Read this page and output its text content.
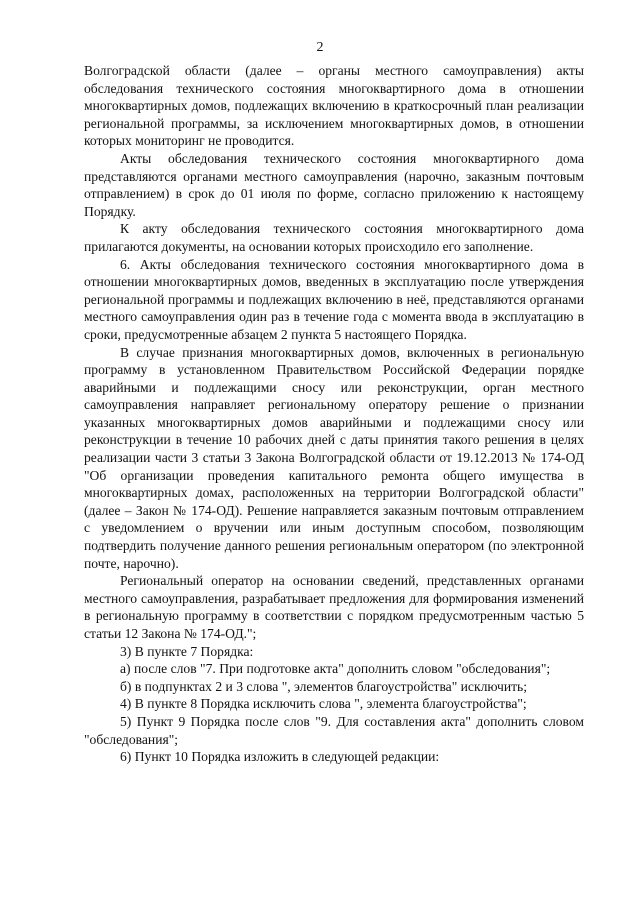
2

Волгоградской области (далее – органы местного самоуправления) акты обследования технического состояния многоквартирного дома в отношении многоквартирных домов, подлежащих включению в краткосрочный план реализации региональной программы, за исключением многоквартирных домов, в отношении которых мониторинг не проводится.

Акты обследования технического состояния многоквартирного дома представляются органами местного самоуправления (нарочно, заказным почтовым отправлением) в срок до 01 июля по форме, согласно приложению к настоящему Порядку.

К акту обследования технического состояния многоквартирного дома прилагаются документы, на основании которых происходило его заполнение.

6. Акты обследования технического состояния многоквартирного дома в отношении многоквартирных домов, введенных в эксплуатацию после утверждения региональной программы и подлежащих включению в неё, представляются органами местного самоуправления один раз в течение года с момента ввода в эксплуатацию в сроки, предусмотренные абзацем 2 пункта 5 настоящего Порядка.

В случае признания многоквартирных домов, включенных в региональную программу в установленном Правительством Российской Федерации порядке аварийными и подлежащими сносу или реконструкции, орган местного самоуправления направляет региональному оператору решение о признании указанных многоквартирных домов аварийными и подлежащими сносу или реконструкции в течение 10 рабочих дней с даты принятия такого решения в целях реализации части 3 статьи 3 Закона Волгоградской области от 19.12.2013 № 174-ОД "Об организации проведения капитального ремонта общего имущества в многоквартирных домах, расположенных на территории Волгоградской области" (далее – Закон № 174-ОД). Решение направляется заказным почтовым отправлением с уведомлением о вручении или иным доступным способом, позволяющим подтвердить получение данного решения региональным оператором (по электронной почте, нарочно).

Региональный оператор на основании сведений, представленных органами местного самоуправления, разрабатывает предложения для формирования изменений в региональную программу в соответствии с порядком предусмотренным частью 5 статьи 12 Закона № 174-ОД.";

3) В пункте 7 Порядка:

а) после слов "7. При подготовке акта" дополнить словом "обследования";

б) в подпунктах 2 и 3 слова ", элементов благоустройства" исключить;

4) В пункте 8 Порядка исключить слова ", элемента благоустройства";

5) Пункт 9 Порядка после слов "9. Для составления акта" дополнить словом "обследования";

6) Пункт 10 Порядка изложить в следующей редакции:
